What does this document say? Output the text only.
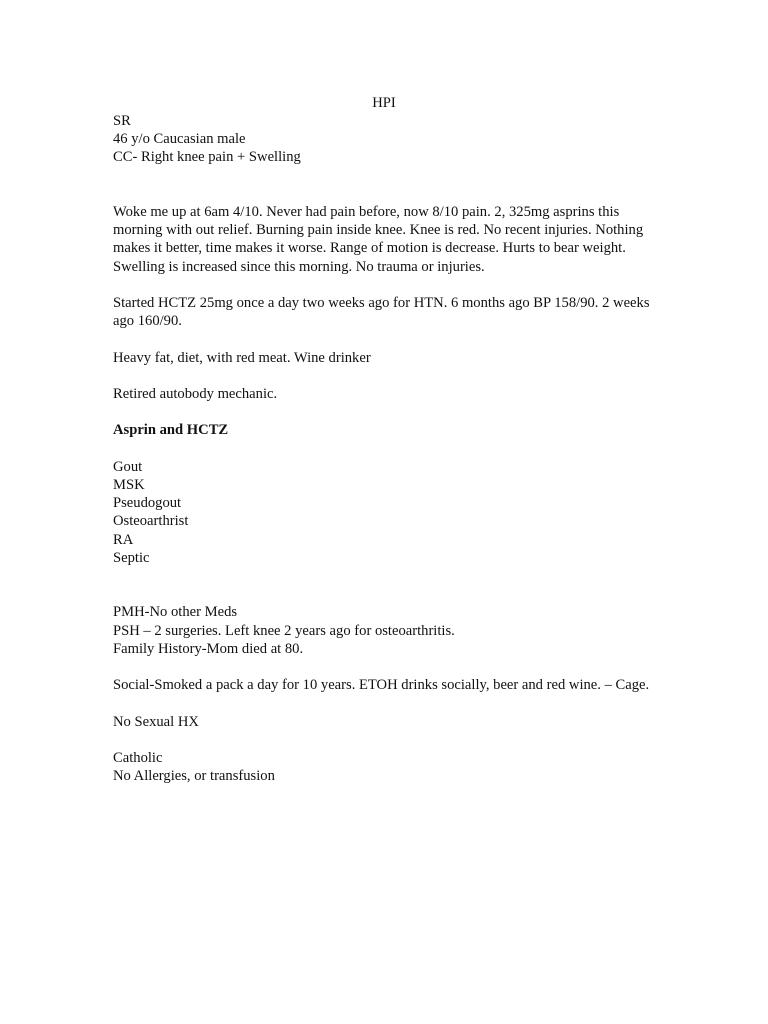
HPI
SR
46 y/o Caucasian male
CC- Right knee pain + Swelling

Woke me up at 6am 4/10. Never had pain before, now 8/10 pain. 2, 325mg asprins this morning with out relief. Burning pain inside knee. Knee is red. No recent injuries. Nothing makes it better, time makes it worse. Range of motion is decrease. Hurts to bear weight. Swelling is increased since this morning. No trauma or injuries.

Started HCTZ 25mg once a day two weeks ago for HTN. 6 months ago BP 158/90. 2 weeks ago 160/90.

Heavy fat, diet, with red meat. Wine drinker
Retired autobody mechanic.
Asprin and HCTZ
Gout
MSK
Pseudogout
Osteoarthrist
RA
Septic
PMH-No other Meds
PSH – 2 surgeries. Left knee 2 years ago for osteoarthritis.
Family History-Mom died at 80.

Social-Smoked a pack a day for 10 years. ETOH drinks socially, beer and red wine. – Cage.

No Sexual HX
Catholic
No Allergies, or transfusion
